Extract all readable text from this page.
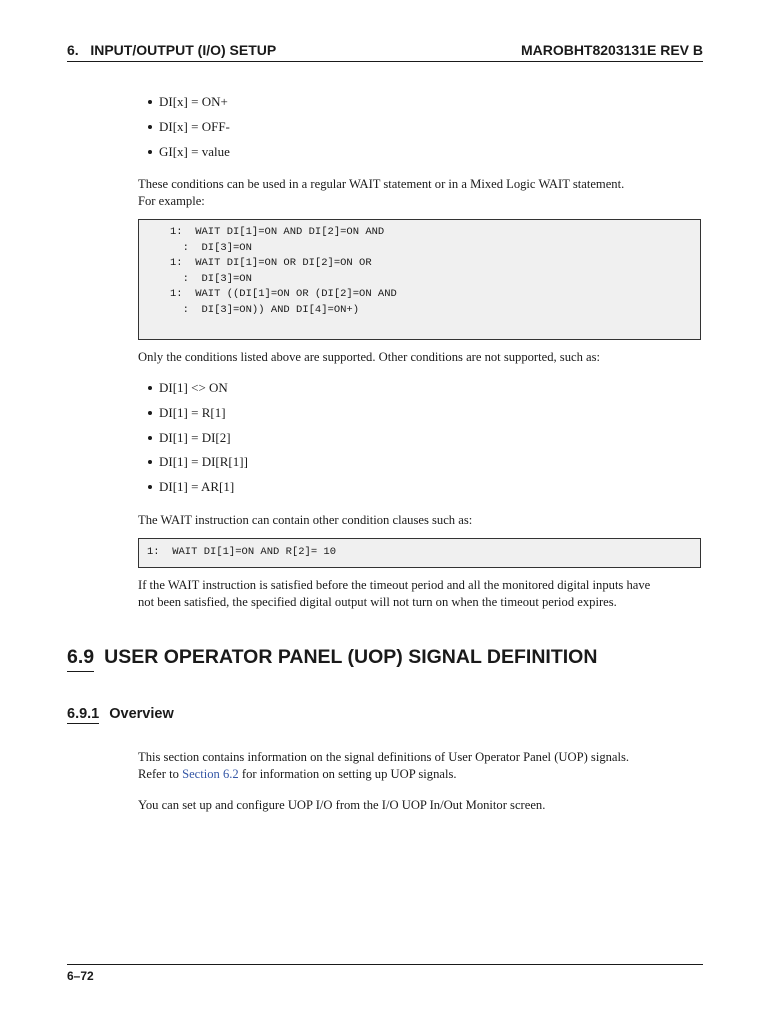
6.   INPUT/OUTPUT (I/O) SETUP	MAROBHT8203131E REV B
DI[x] = ON+
DI[x] = OFF-
GI[x] = value

These conditions can be used in a regular WAIT statement or in a Mixed Logic WAIT statement.
For example:

1:  WAIT DI[1]=ON AND DI[2]=ON AND
:  DI[3]=ON
1:  WAIT DI[1]=ON OR DI[2]=ON OR
:  DI[3]=ON
1:  WAIT ((DI[1]=ON OR (DI[2]=ON AND
:  DI[3]=ON)) AND DI[4]=ON+)

Only the conditions listed above are supported. Other conditions are not supported, such as:

DI[1] <> ON
DI[1] = R[1]
DI[1] = DI[2]
DI[1] = DI[R[1]]
DI[1] = AR[1]

The WAIT instruction can contain other condition clauses such as:

1:  WAIT DI[1]=ON AND R[2]= 10

If the WAIT instruction is satisfied before the timeout period and all the monitored digital inputs have
not been satisfied, the specified digital output will not turn on when the timeout period expires.

6.9 USER OPERATOR PANEL (UOP) SIGNAL DEFINITION
6.9.1 Overview

This section contains information on the signal definitions of User Operator Panel (UOP) signals.
Refer to Section 6.2 for information on setting up UOP signals.

You can set up and configure UOP I/O from the I/O UOP In/Out Monitor screen.

6–72
